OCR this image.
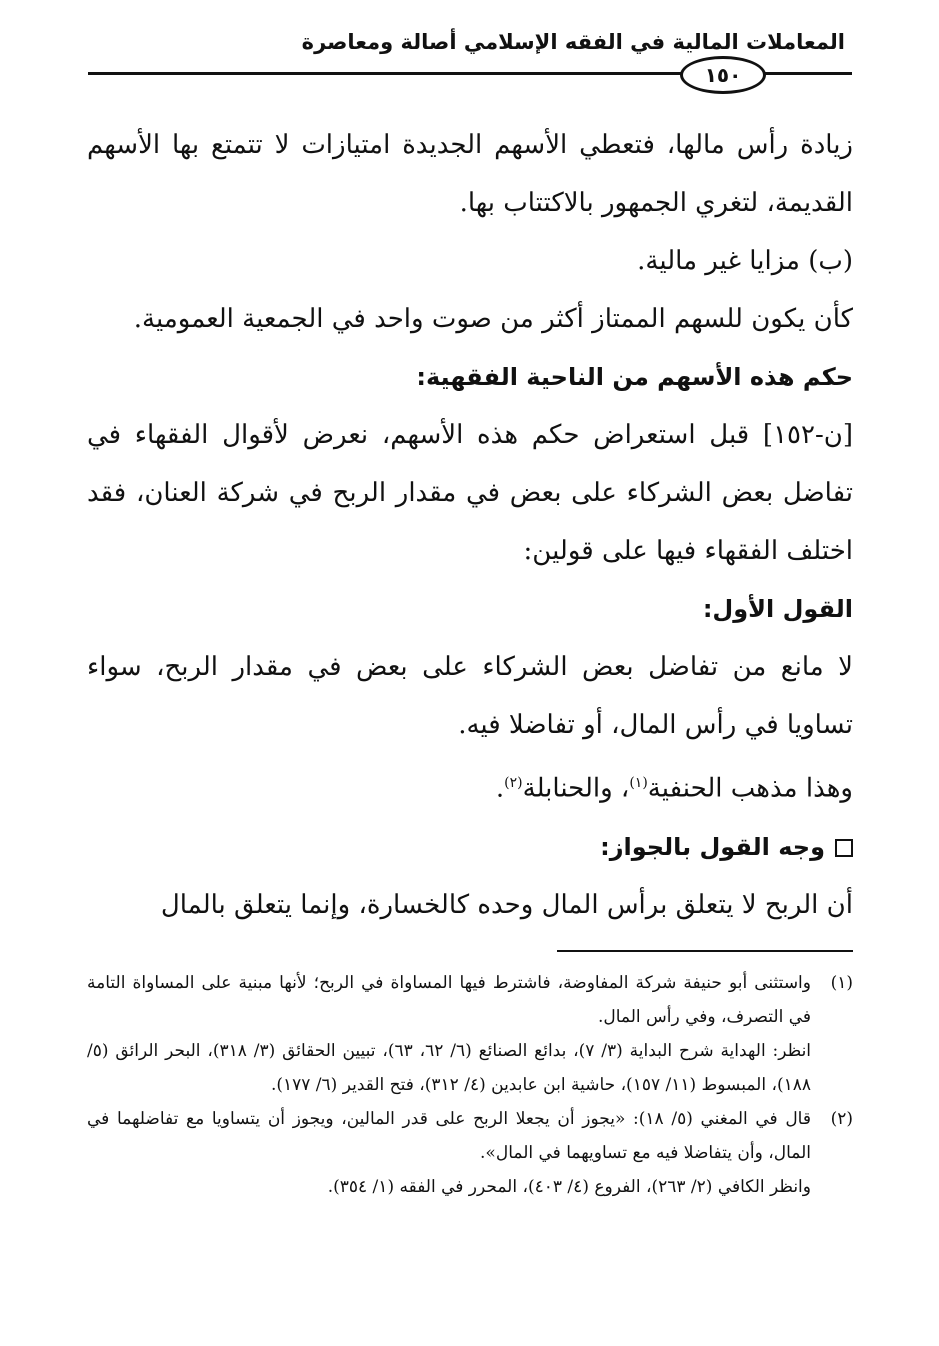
المعاملات المالية في الفقه الإسلامي أصالة ومعاصرة
١٥٠

زيادة رأس مالها، فتعطي الأسهم الجديدة امتيازات لا تتمتع بها الأسهم القديمة، لتغري الجمهور بالاكتتاب بها.

(ب) مزايا غير مالية.

كأن يكون للسهم الممتاز أكثر من صوت واحد في الجمعية العمومية.

حكم هذه الأسهم من الناحية الفقهية:

[ن-١٥٢] قبل استعراض حكم هذه الأسهم، نعرض لأقوال الفقهاء في تفاضل بعض الشركاء على بعض في مقدار الربح في شركة العنان، فقد اختلف الفقهاء فيها على قولين:

القول الأول:

لا مانع من تفاضل بعض الشركاء على بعض في مقدار الربح، سواء تساويا في رأس المال، أو تفاضلا فيه.

وهذا مذهب الحنفية$^{(١)}$، والحنابلة$^{(٢)}$.

وجه القول بالجواز:

أن الربح لا يتعلق برأس المال وحده كالخسارة، وإنما يتعلق بالمال

(١)
واستثنى أبو حنيفة شركة المفاوضة، فاشترط فيها المساواة في الربح؛ لأنها مبنية على المساواة التامة في التصرف، وفي رأس المال.

انظر: الهداية شرح البداية (٣/ ٧)، بدائع الصنائع (٦/ ٦٢، ٦٣)، تبيين الحقائق (٣/ ٣١٨)، البحر الرائق (٥/ ١٨٨)، المبسوط (١١/ ١٥٧)، حاشية ابن عابدين (٤/ ٣١٢)، فتح القدير (٦/ ١٧٧).

(٢)
قال في المغني (٥/ ١٨): «يجوز أن يجعلا الربح على قدر المالين، ويجوز أن يتساويا مع تفاضلهما في المال، وأن يتفاضلا فيه مع تساويهما في المال».

وانظر الكافي (٢/ ٢٦٣)، الفروع (٤/ ٤٠٣)، المحرر في الفقه (١/ ٣٥٤).
